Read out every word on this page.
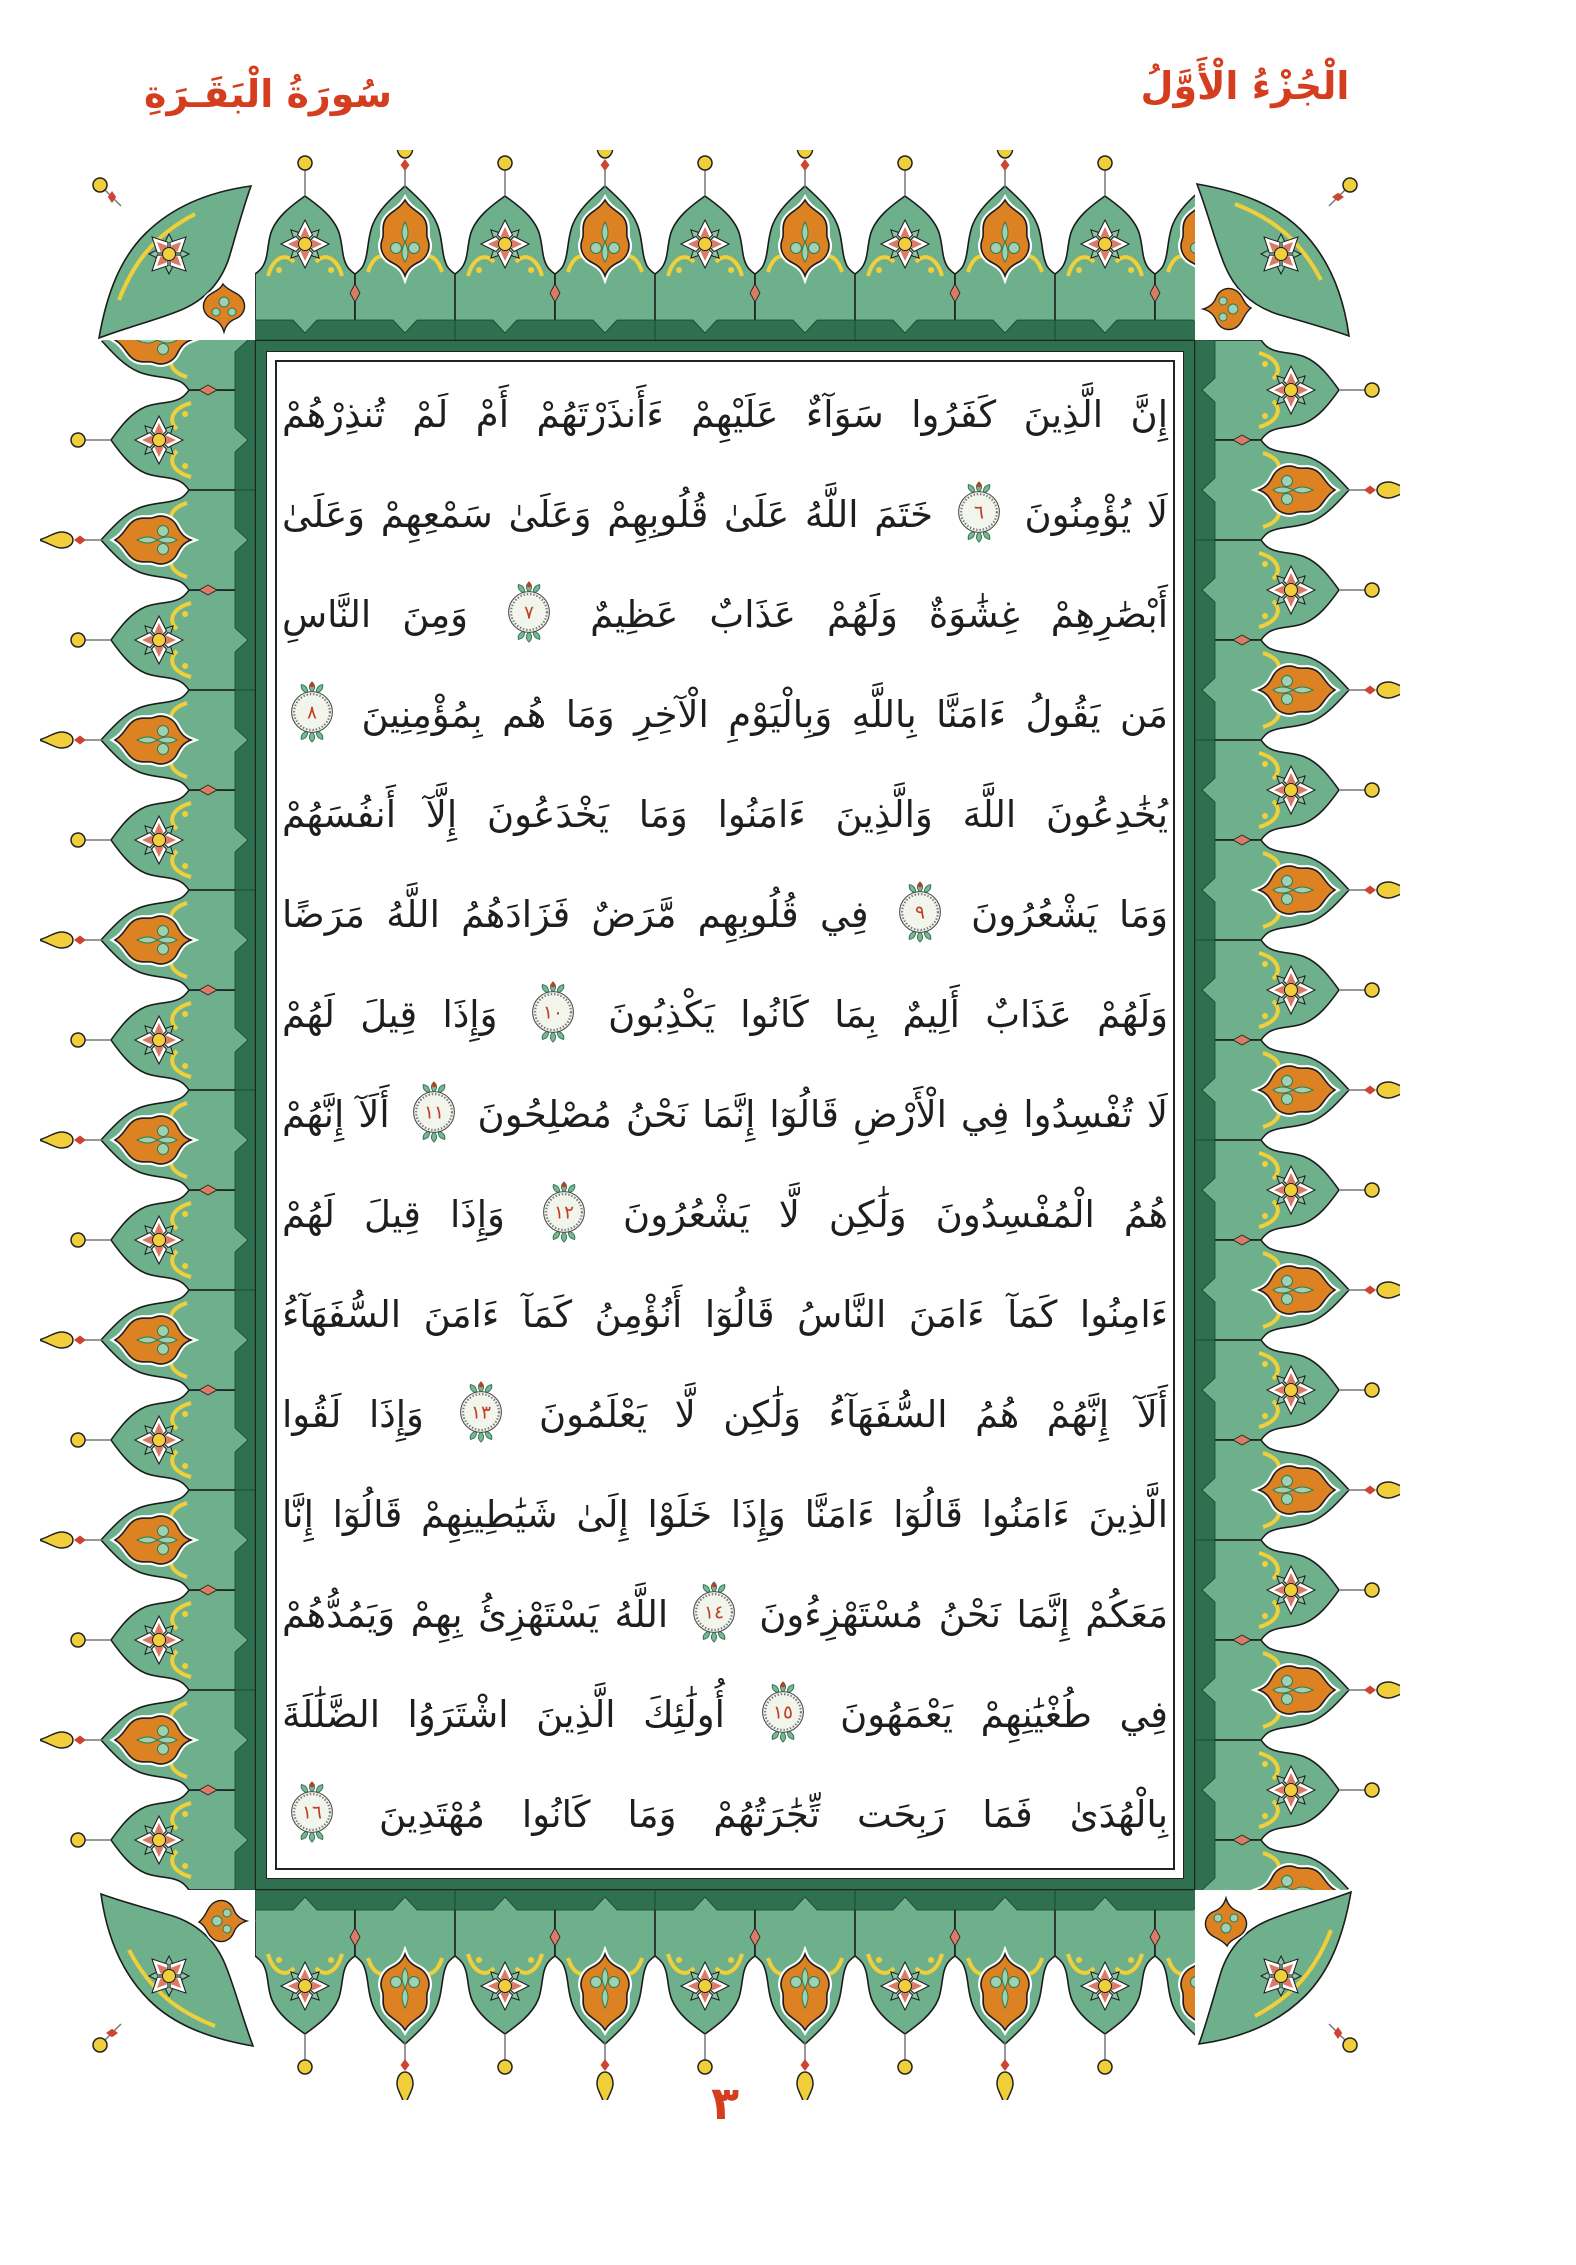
الْجُزْءُ الْأَوَّلُ
سُورَةُ الْبَقَـرَةِ
إِنَّ الَّذِينَ كَفَرُوا سَوَآءٌ عَلَيْهِمْ ءَأَنذَرْتَهُمْ أَمْ لَمْ تُنذِرْهُمْ
لَا يُؤْمِنُونَ
٦
خَتَمَ اللَّهُ عَلَىٰ قُلُوبِهِمْ وَعَلَىٰ سَمْعِهِمْ وَعَلَىٰ
أَبْصَٰرِهِمْ غِشَٰوَةٌ وَلَهُمْ عَذَابٌ عَظِيمٌ
٧
وَمِنَ النَّاسِ
مَن يَقُولُ ءَامَنَّا بِاللَّهِ وَبِالْيَوْمِ الْآخِرِ وَمَا هُم بِمُؤْمِنِينَ
٨
يُخَٰدِعُونَ اللَّهَ وَالَّذِينَ ءَامَنُوا وَمَا يَخْدَعُونَ إِلَّآ أَنفُسَهُمْ
وَمَا يَشْعُرُونَ
٩
فِي قُلُوبِهِم مَّرَضٌ فَزَادَهُمُ اللَّهُ مَرَضًا
وَلَهُمْ عَذَابٌ أَلِيمٌ بِمَا كَانُوا يَكْذِبُونَ
١٠
وَإِذَا قِيلَ لَهُمْ
لَا تُفْسِدُوا فِي الْأَرْضِ قَالُوٓا إِنَّمَا نَحْنُ مُصْلِحُونَ
١١
أَلَآ إِنَّهُمْ
هُمُ الْمُفْسِدُونَ وَلَٰكِن لَّا يَشْعُرُونَ
١٢
وَإِذَا قِيلَ لَهُمْ
ءَامِنُوا كَمَآ ءَامَنَ النَّاسُ قَالُوٓا أَنُؤْمِنُ كَمَآ ءَامَنَ السُّفَهَآءُ
أَلَآ إِنَّهُمْ هُمُ السُّفَهَآءُ وَلَٰكِن لَّا يَعْلَمُونَ
١٣
وَإِذَا لَقُوا
الَّذِينَ ءَامَنُوا قَالُوٓا ءَامَنَّا وَإِذَا خَلَوْا إِلَىٰ شَيَٰطِينِهِمْ قَالُوٓا إِنَّا
مَعَكُمْ إِنَّمَا نَحْنُ مُسْتَهْزِءُونَ
١٤
اللَّهُ يَسْتَهْزِئُ بِهِمْ وَيَمُدُّهُمْ
فِي طُغْيَٰنِهِمْ يَعْمَهُونَ
١٥
أُولَٰئِكَ الَّذِينَ اشْتَرَوُا الضَّلَٰلَةَ
بِالْهُدَىٰ فَمَا رَبِحَت تِّجَٰرَتُهُمْ وَمَا كَانُوا مُهْتَدِينَ
١٦
٣
